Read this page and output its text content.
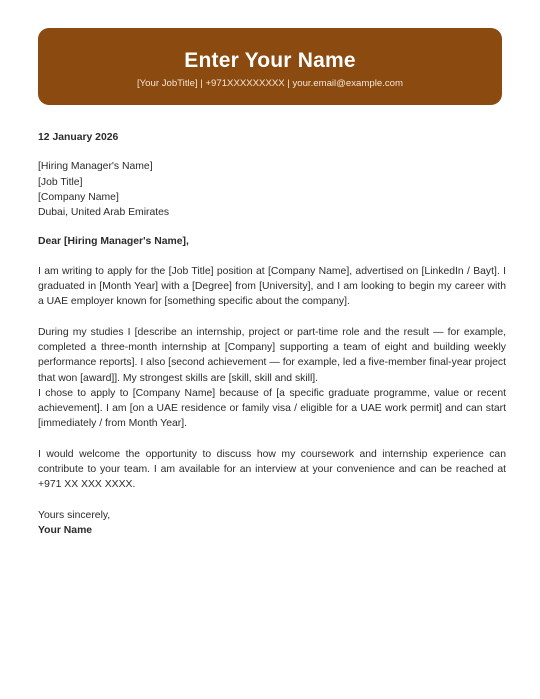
Enter Your Name
[Your JobTitle] | +971XXXXXXXXX | your.email@example.com

12 January 2026

[Hiring Manager's Name]
[Job Title]
[Company Name]
Dubai, United Arab Emirates

Dear [Hiring Manager's Name],

I am writing to apply for the [Job Title] position at [Company Name], advertised on [LinkedIn / Bayt]. I graduated in [Month Year] with a [Degree] from [University], and I am looking to begin my career with a UAE employer known for [something specific about the company].

During my studies I [describe an internship, project or part-time role and the result — for example, completed a three-month internship at [Company] supporting a team of eight and building weekly performance reports]. I also [second achievement — for example, led a five-member final-year project that won [award]]. My strongest skills are [skill, skill and skill].

I chose to apply to [Company Name] because of [a specific graduate programme, value or recent achievement]. I am [on a UAE residence or family visa / eligible for a UAE work permit] and can start [immediately / from Month Year].

I would welcome the opportunity to discuss how my coursework and internship experience can contribute to your team. I am available for an interview at your convenience and can be reached at +971 XX XXX XXXX.

Yours sincerely,

Your Name
